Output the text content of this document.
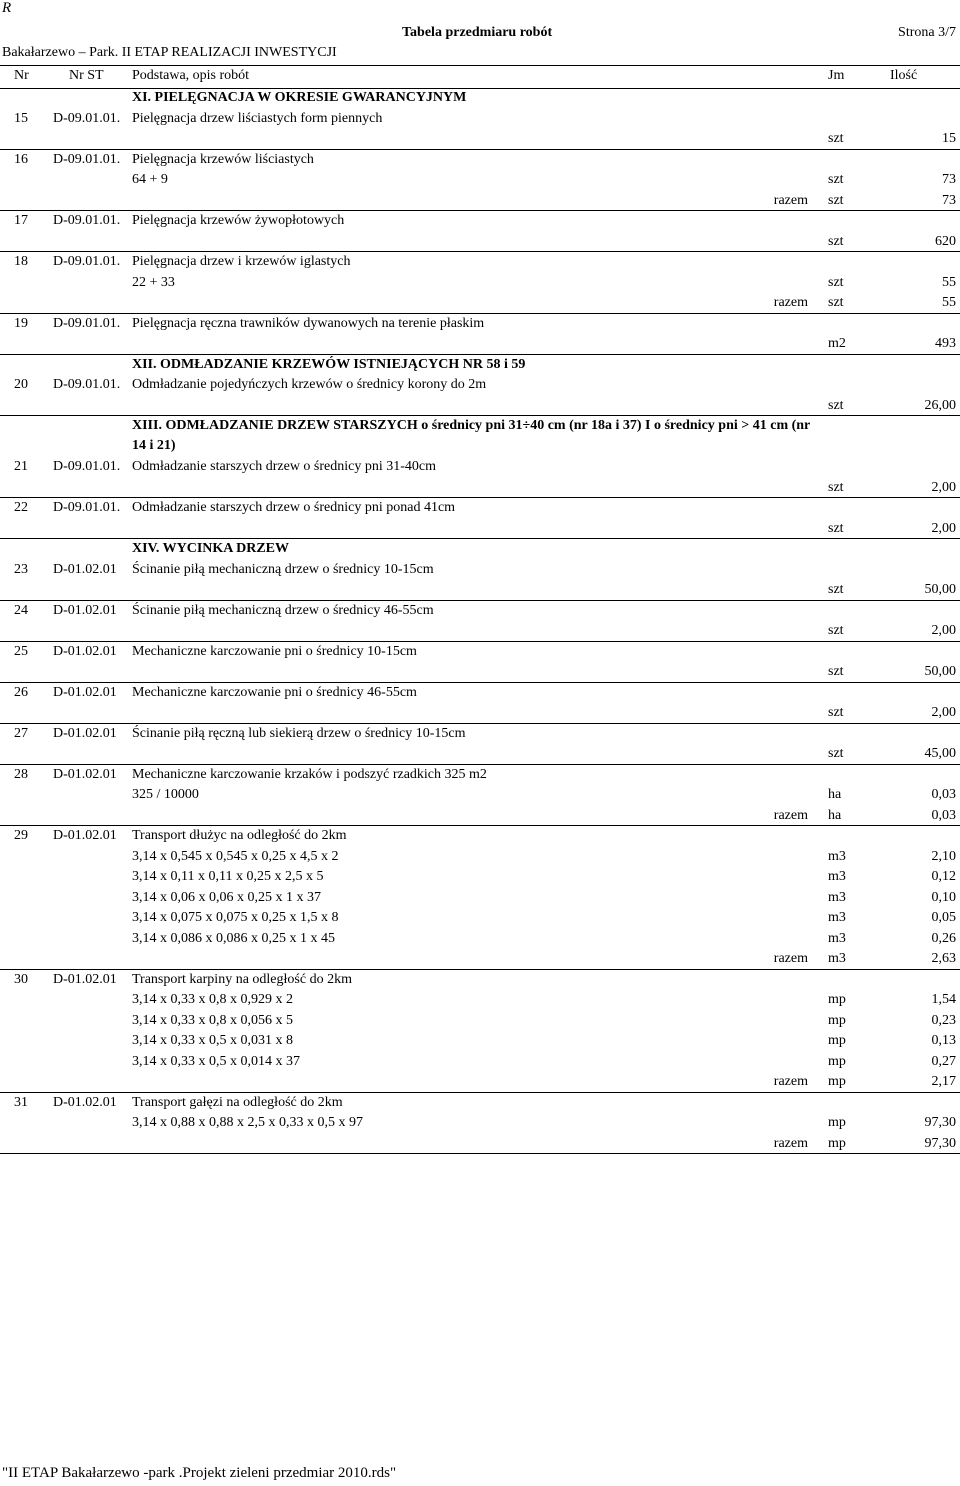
R
Tabela przedmiaru robót	Strona 3/7
Bakałarzewo – Park. II ETAP REALIZACJI INWESTYCJI
Nr	Nr ST Podstawa, opis robót	Jm	Ilość
XI. PIELĘGNACJA W OKRESIE GWARANCYJNYM
15 D-09.01.01. Pielęgnacja drzew liściastych form piennych
szt	15
16 D-09.01.01. Pielęgnacja krzewów liściastych
64 + 9	szt	73
razem szt	73
17 D-09.01.01. Pielęgnacja krzewów żywopłotowych
szt	620
18 D-09.01.01. Pielęgnacja drzew i krzewów iglastych
22 + 33	szt	55
razem szt	55
19 D-09.01.01. Pielęgnacja ręczna trawników dywanowych na terenie płaskim
m2	493
XII. ODMŁADZANIE KRZEWÓW ISTNIEJĄCYCH NR 58 i 59
20 D-09.01.01. Odmładzanie pojedyńczych krzewów o średnicy korony do 2m
szt	26,00
XIII. ODMŁADZANIE DRZEW STARSZYCH o średnicy pni 31÷40 cm (nr 18a i 37) I o średnicy pni > 41 cm (nr 14 i 21)
21 D-09.01.01. Odmładzanie starszych drzew o średnicy pni 31-40cm
szt	2,00
22 D-09.01.01. Odmładzanie starszych drzew o średnicy pni ponad 41cm
szt	2,00
XIV. WYCINKA DRZEW
23 D-01.02.01 Ścinanie piłą mechaniczną drzew o średnicy 10-15cm
szt	50,00
24 D-01.02.01 Ścinanie piłą mechaniczną drzew o średnicy 46-55cm
szt	2,00
25 D-01.02.01 Mechaniczne karczowanie pni o średnicy 10-15cm
szt	50,00
26 D-01.02.01 Mechaniczne karczowanie pni o średnicy 46-55cm
szt	2,00
27 D-01.02.01 Ścinanie piłą ręczną lub siekierą drzew o średnicy 10-15cm
szt	45,00
28 D-01.02.01 Mechaniczne karczowanie krzaków i podszyć rzadkich 325 m2
325 / 10000	ha	0,03
razem ha	0,03
29 D-01.02.01 Transport dłużyc na odległość do 2km
3,14 x 0,545 x 0,545 x 0,25 x 4,5 x 2	m3	2,10
3,14 x 0,11 x 0,11 x 0,25 x 2,5 x 5	m3	0,12
3,14 x 0,06 x 0,06 x 0,25 x 1 x 37	m3	0,10
3,14 x 0,075 x 0,075 x 0,25 x 1,5 x 8	m3	0,05
3,14 x 0,086 x 0,086 x 0,25 x 1 x 45	m3	0,26
razem m3	2,63
30 D-01.02.01 Transport karpiny na odległość do 2km
3,14 x 0,33 x 0,8 x 0,929 x 2	mp	1,54
3,14 x 0,33 x 0,8 x 0,056 x 5	mp	0,23
3,14 x 0,33 x 0,5 x 0,031 x 8	mp	0,13
3,14 x 0,33 x 0,5 x 0,014 x 37	mp	0,27
razem mp	2,17
31 D-01.02.01 Transport gałęzi na odległość do 2km
3,14 x 0,88 x 0,88 x 2,5 x 0,33 x 0,5 x 97	mp	97,30
razem mp	97,30
"II ETAP Bakałarzewo -park .Projekt zieleni przedmiar 2010.rds"
